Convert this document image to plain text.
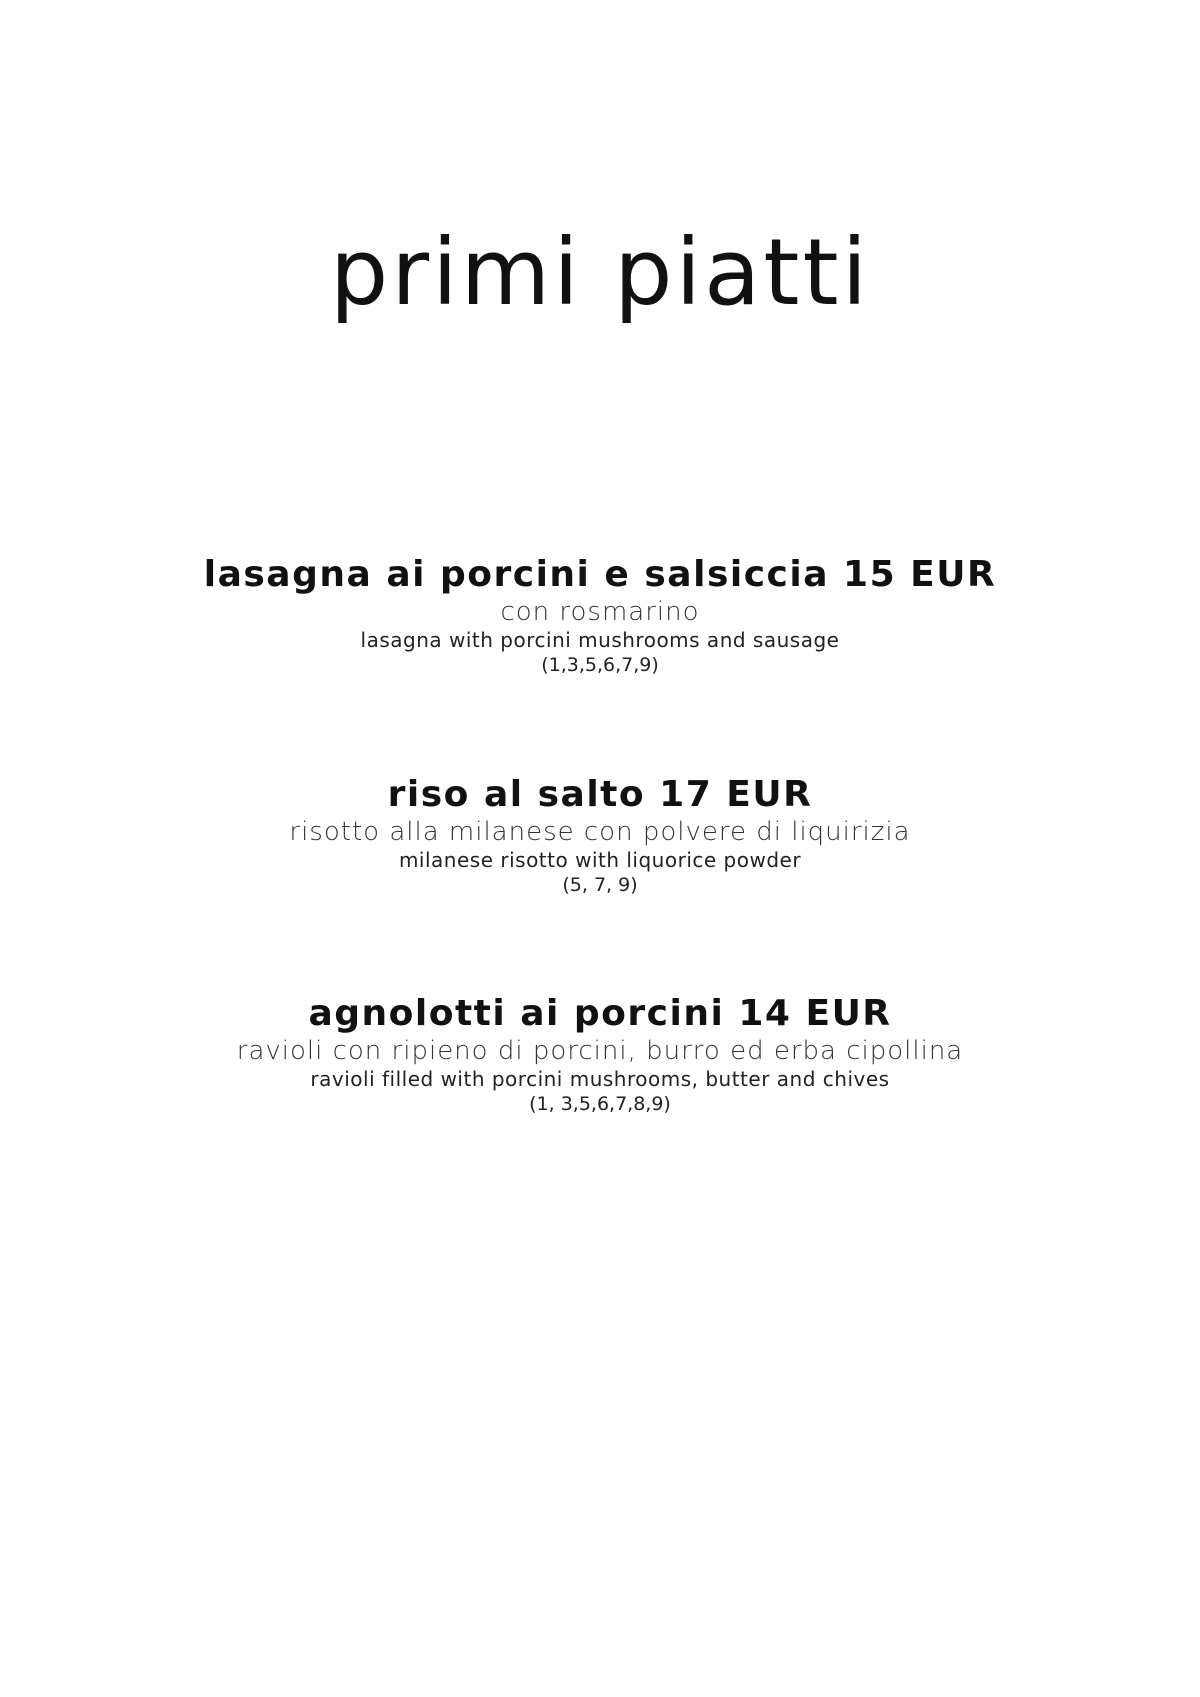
primi piatti

lasagna ai porcini e salsiccia 15 EUR

con rosmarino

lasagna with porcini mushrooms and sausage

(1,3,5,6,7,9)

riso al salto 17 EUR

risotto alla milanese con polvere di liquirizia

milanese risotto with liquorice powder

(5, 7, 9)

agnolotti ai porcini 14 EUR

ravioli con ripieno di porcini, burro ed erba cipollina

ravioli filled with porcini mushrooms, butter and chives

(1, 3,5,6,7,8,9)
